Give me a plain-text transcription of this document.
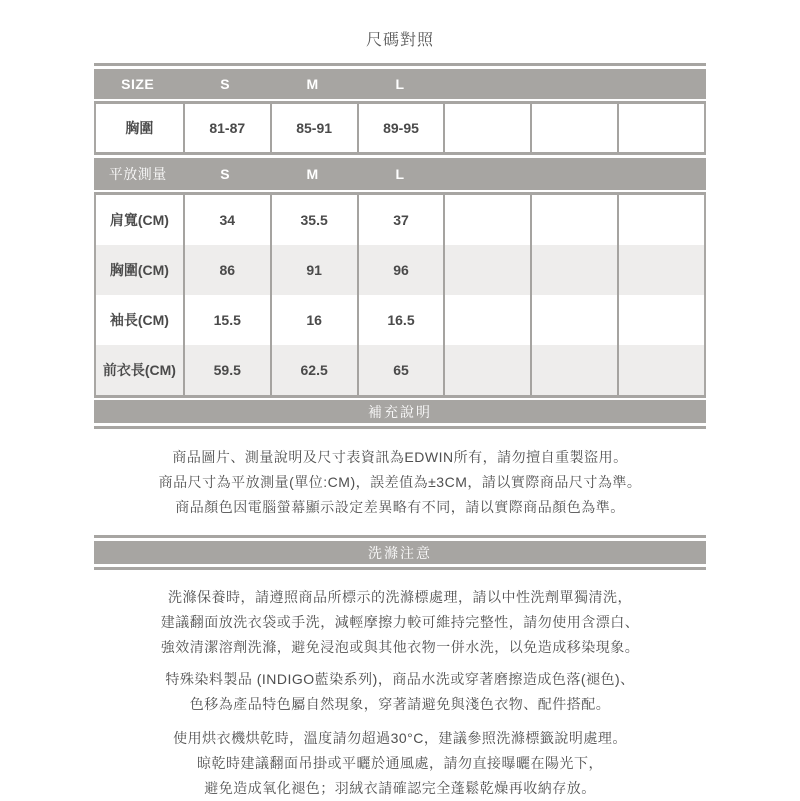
尺碼對照
SIZE	S	M	L
胸圍	81-87	85-91	89-95
平放測量	S	M	L
肩寬(CM)	34	35.5	37
胸圍(CM)	86	91	96
袖長(CM)	15.5	16	16.5
前衣長(CM)	59.5	62.5	65
補充說明
商品圖片、測量說明及尺寸表資訊為EDWIN所有，請勿擅自重製盜用。
商品尺寸為平放測量(單位:CM)，誤差值為±3CM，請以實際商品尺寸為準。
商品顏色因電腦螢幕顯示設定差異略有不同，請以實際商品顏色為準。
洗滌注意
洗滌保養時，請遵照商品所標示的洗滌標處理，請以中性洗劑單獨清洗，
建議翻面放洗衣袋或手洗，減輕摩擦力較可維持完整性，請勿使用含漂白、
強效清潔溶劑洗滌，避免浸泡或與其他衣物一併水洗，以免造成移染現象。
特殊染料製品 (INDIGO藍染系列)，商品水洗或穿著磨擦造成色落(褪色)、
色移為產品特色屬自然現象，穿著請避免與淺色衣物、配件搭配。
使用烘衣機烘乾時，溫度請勿超過30°C，建議參照洗滌標籤說明處理。
晾乾時建議翻面吊掛或平曬於通風處，請勿直接曝曬在陽光下，
避免造成氧化褪色；羽絨衣請確認完全蓬鬆乾燥再收納存放。
